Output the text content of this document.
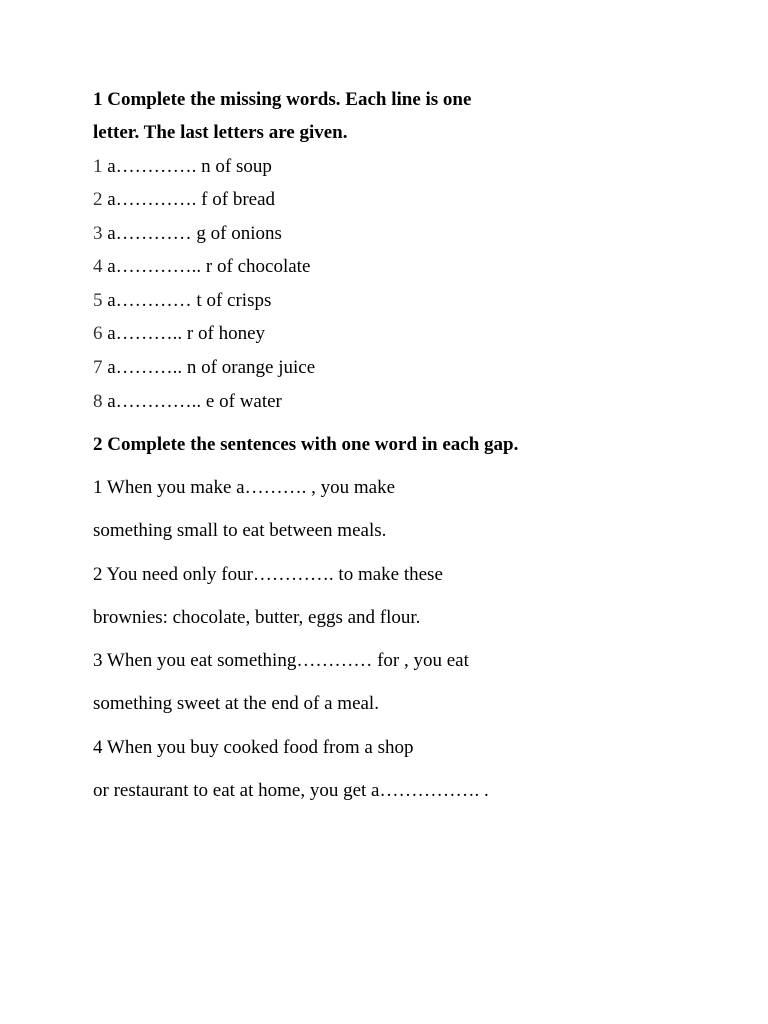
1 Complete the missing words. Each line is one
letter. The last letters are given.
1 a…………. n of soup
2 a…………. f of bread
3 a………… g of onions
4 a………….. r of chocolate
5 a………… t of crisps
6 a……….. r of honey
7 a……….. n of orange juice
8 a………….. e of water
2 Complete the sentences with one word in each gap.
1 When you make a………. , you make
something small to eat between meals.
2 You need only four…………. to make these
brownies: chocolate, butter, eggs and flour.
3 When you eat something………… for , you eat
something sweet at the end of a meal.
4 When you buy cooked food from a shop
or restaurant to eat at home, you get a……………. .
